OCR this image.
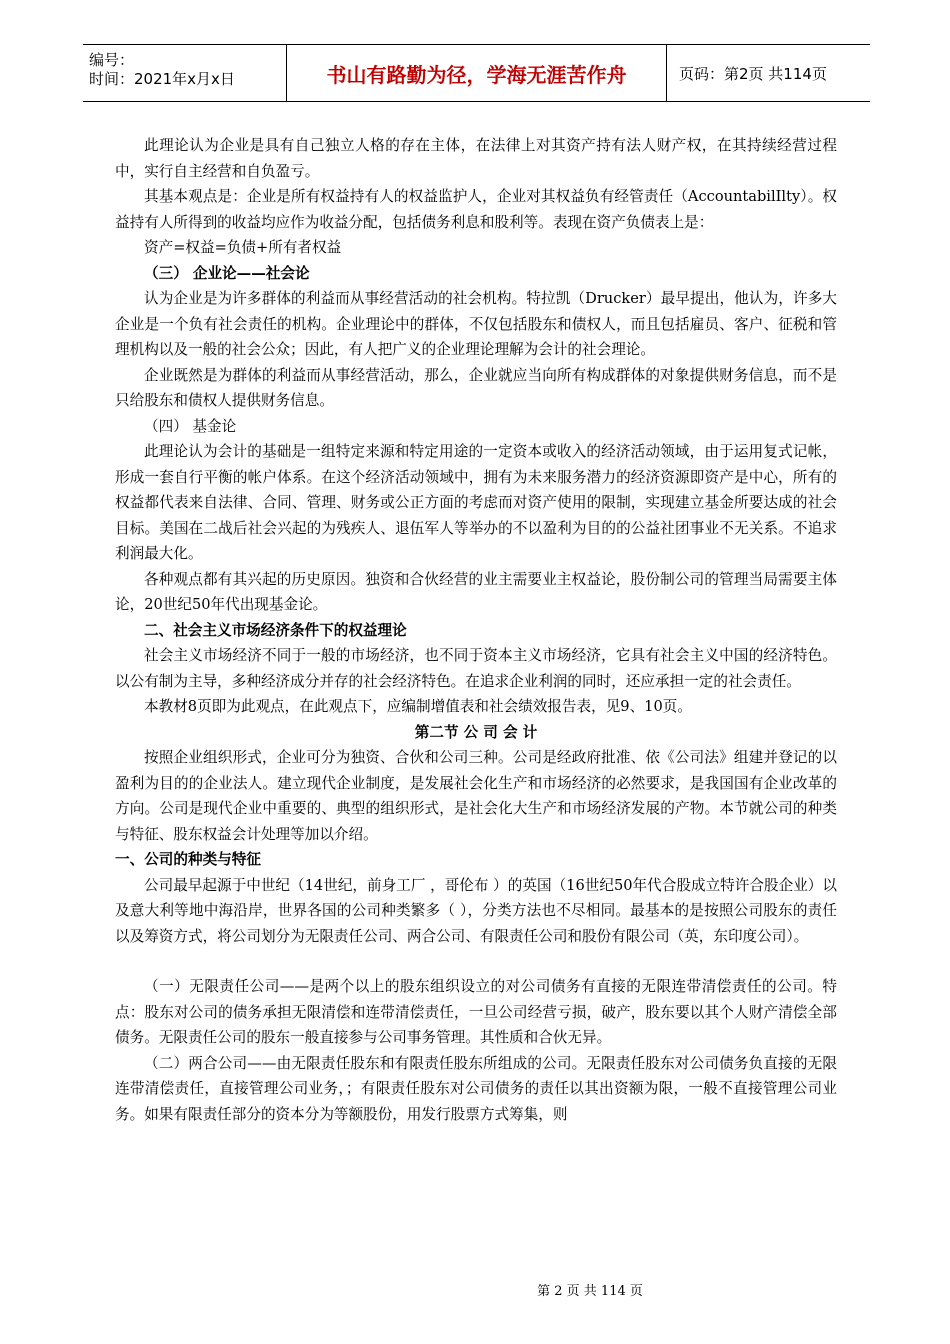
编号：
时间：2021年x月x日	书山有路勤为径，学海无涯苦作舟	页码：第2页 共114页

此理论认为企业是具有自己独立人格的存在主体，在法律上对其资产持有法人财产权，在其持续经营过程中，实行自主经营和自负盈亏。

其基本观点是：企业是所有权益持有人的权益监护人，企业对其权益负有经管责任（AccountabilIlty）。权益持有人所得到的收益均应作为收益分配，包括债务利息和股利等。表现在资产负债表上是：

资产=权益=负债+所有者权益

（三） 企业论——社会论

认为企业是为许多群体的利益而从事经营活动的社会机构。特拉凯（Drucker）最早提出，他认为，许多大企业是一个负有社会责任的机构。企业理论中的群体，不仅包括股东和债权人，而且包括雇员、客户、征税和管理机构以及一般的社会公众；因此，有人把广义的企业理论理解为会计的社会理论。

企业既然是为群体的利益而从事经营活动，那么，企业就应当向所有构成群体的对象提供财务信息，而不是只给股东和债权人提供财务信息。

（四） 基金论

此理论认为会计的基础是一组特定来源和特定用途的一定资本或收入的经济活动领域，由于运用复式记帐，形成一套自行平衡的帐户体系。在这个经济活动领域中，拥有为未来服务潜力的经济资源即资产是中心，所有的权益都代表来自法律、合同、管理、财务或公正方面的考虑而对资产使用的限制，实现建立基金所要达成的社会目标。美国在二战后社会兴起的为残疾人、退伍军人等举办的不以盈利为目的的公益社团事业不无关系。不追求利润最大化。

各种观点都有其兴起的历史原因。独资和合伙经营的业主需要业主权益论，股份制公司的管理当局需要主体论，20世纪50年代出现基金论。

二、社会主义市场经济条件下的权益理论

社会主义市场经济不同于一般的市场经济，也不同于资本主义市场经济，它具有社会主义中国的经济特色。以公有制为主导，多种经济成分并存的社会经济特色。在追求企业利润的同时，还应承担一定的社会责任。

本教材8页即为此观点，在此观点下，应编制增值表和社会绩效报告表，见9、10页。

第二节 公 司 会 计

按照企业组织形式，企业可分为独资、合伙和公司三种。公司是经政府批准、依《公司法》组建并登记的以盈利为目的的企业法人。建立现代企业制度，是发展社会化生产和市场经济的必然要求，是我国国有企业改革的方向。公司是现代企业中重要的、典型的组织形式，是社会化大生产和市场经济发展的产物。本节就公司的种类与特征、股东权益会计处理等加以介绍。

一、公司的种类与特征

公司最早起源于中世纪（14世纪，前身工厂 ，哥伦布 ）的英国（16世纪50年代合股成立特许合股企业）以及意大利等地中海沿岸，世界各国的公司种类繁多（ ），分类方法也不尽相同。最基本的是按照公司股东的责任以及筹资方式，将公司划分为无限责任公司、两合公司、有限责任公司和股份有限公司（英，东印度公司）。

（一）无限责任公司——是两个以上的股东组织设立的对公司债务有直接的无限连带清偿责任的公司。特点：股东对公司的债务承担无限清偿和连带清偿责任，一旦公司经营亏损，破产，股东要以其个人财产清偿全部债务。无限责任公司的股东一般直接参与公司事务管理。其性质和合伙无异。

（二）两合公司——由无限责任股东和有限责任股东所组成的公司。无限责任股东对公司债务负直接的无限连带清偿责任，直接管理公司业务，；有限责任股东对公司债务的责任以其出资额为限，一般不直接管理公司业务。如果有限责任部分的资本分为等额股份，用发行股票方式筹集，则

第 2 页 共 114 页
